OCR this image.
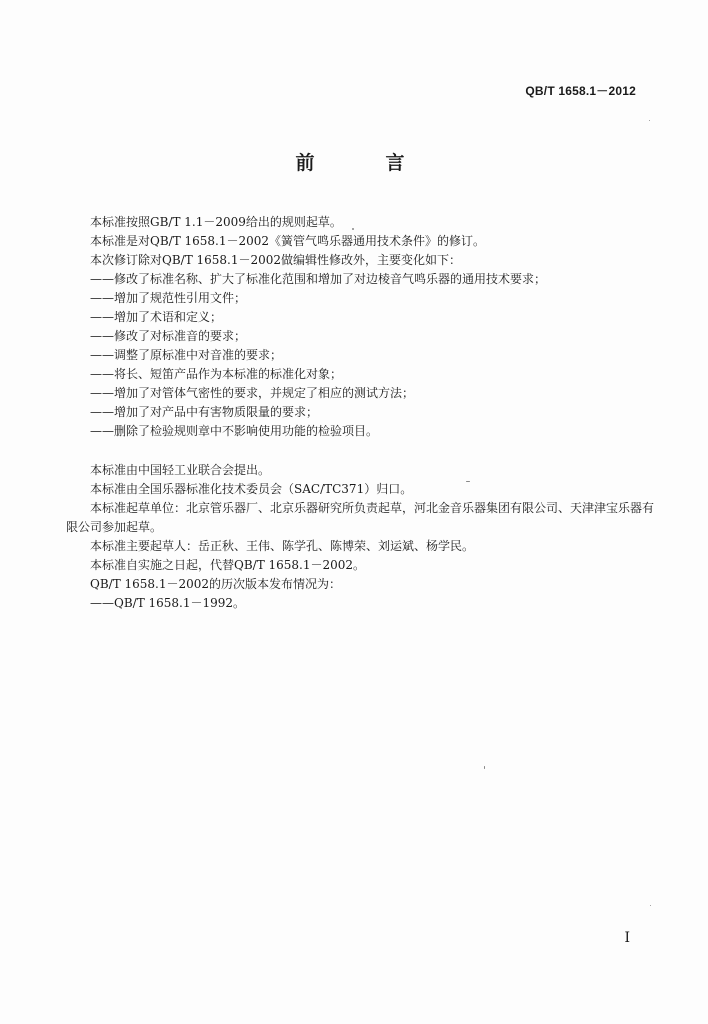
QB/T 1658.1－2012
前　言
本标准按照GB/T 1.1－2009给出的规则起草。
本标准是对QB/T 1658.1－2002《簧管气鸣乐器通用技术条件》的修订。
本次修订除对QB/T 1658.1－2002做编辑性修改外，主要变化如下：
——修改了标准名称、扩大了标准化范围和增加了对边棱音气鸣乐器的通用技术要求；
——增加了规范性引用文件；
——增加了术语和定义；
——修改了对标准音的要求；
——调整了原标准中对音准的要求；
——将长、短笛产品作为本标准的标准化对象；
——增加了对管体气密性的要求，并规定了相应的测试方法；
——增加了对产品中有害物质限量的要求；
——删除了检验规则章中不影响使用功能的检验项目。
本标准由中国轻工业联合会提出。
本标准由全国乐器标准化技术委员会（SAC/TC371）归口。
本标准起草单位：北京管乐器厂、北京乐器研究所负责起草，河北金音乐器集团有限公司、天津津宝乐器有限公司参加起草。
本标准主要起草人：岳正秋、王伟、陈学孔、陈博荣、刘运斌、杨学民。
本标准自实施之日起，代替QB/T 1658.1－2002。
QB/T 1658.1－2002的历次版本发布情况为：
——QB/T 1658.1－1992。
I
